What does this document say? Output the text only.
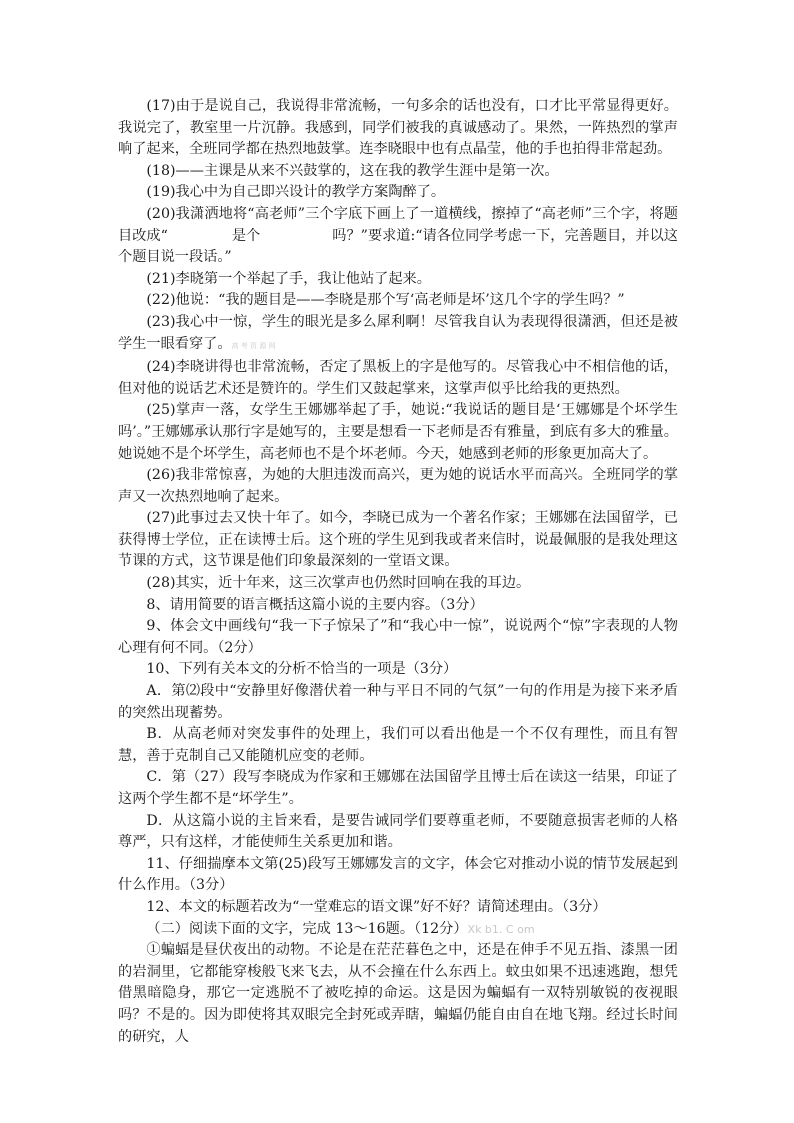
(17)由于是说自己，我说得非常流畅，一句多余的话也没有，口才比平常显得更好。我说完了，教室里一片沉静。我感到，同学们被我的真诚感动了。果然，一阵热烈的掌声响了起来，全班同学都在热烈地鼓掌。连李晓眼中也有点晶莹，他的手也拍得非常起劲。

(18)——主课是从来不兴鼓掌的，这在我的教学生涯中是第一次。

(19)我心中为自己即兴设计的教学方案陶醉了。

(20)我潇洒地将“高老师”三个字底下画上了一道横线，擦掉了“高老师”三个字，将题目改成“	是个	吗？”要求道:“请各位同学考虑一下，完善题目，并以这个题目说一段话。”

(21)李晓第一个举起了手，我让他站了起来。

(22)他说：“我的题目是——李晓是那个写‘高老师是坏’这几个字的学生吗？”

(23)我心中一惊，学生的眼光是多么犀利啊！尽管我自认为表现得很潇洒，但还是被学生一眼看穿了。高 考 资 源 网

(24)李晓讲得也非常流畅，否定了黑板上的字是他写的。尽管我心中不相信他的话，但对他的说话艺术还是赞许的。学生们又鼓起掌来，这掌声似乎比给我的更热烈。

(25)掌声一落，女学生王娜娜举起了手，她说:“我说话的题目是‘王娜娜是个坏学生吗’。”王娜娜承认那行字是她写的，主要是想看一下老师是否有雅量，到底有多大的雅量。她说她不是个坏学生，高老师也不是个坏老师。今天，她感到老师的形象更加高大了。

(26)我非常惊喜，为她的大胆违泼而高兴，更为她的说话水平而高兴。全班同学的掌声又一次热烈地响了起来。

(27)此事过去又快十年了。如今，李晓已成为一个著名作家；王娜娜在法国留学，已获得博士学位，正在读博士后。这个班的学生见到我或者来信时，说最佩服的是我处理这节课的方式，这节课是他们印象最深刻的一堂语文课。

(28)其实，近十年来，这三次掌声也仍然时回响在我的耳边。

8、请用简要的语言概括这篇小说的主要内容。（3分）

9、体会文中画线句“我一下子惊呆了”和“我心中一惊”，说说两个“惊”字表现的人物心理有何不同。（2分）

10、下列有关本文的分析不恰当的一项是（3分）

A．第⑵段中“安静里好像潜伏着一种与平日不同的气氛”一句的作用是为接下来矛盾的突然出现蓄势。

B．从高老师对突发事件的处理上，我们可以看出他是一个不仅有理性，而且有智慧，善于克制自己又能随机应变的老师。

C．第（27）段写李晓成为作家和王娜娜在法国留学且博士后在读这一结果，印证了这两个学生都不是“坏学生”。

D．从这篇小说的主旨来看，是要告诫同学们要尊重老师，不要随意损害老师的人格尊严，只有这样，才能使师生关系更加和谐。

11、仔细揣摩本文第(25)段写王娜娜发言的文字，体会它对推动小说的情节发展起到什么作用。（3分）

12、本文的标题若改为“一堂难忘的语文课”好不好？请简述理由。（3分）

（二）阅读下面的文字，完成 13～16题。（12分）Xk b1. C om

①蝙蝠是昼伏夜出的动物。不论是在茫茫暮色之中，还是在伸手不见五指、漆黑一团的岩洞里，它都能穿梭般飞来飞去，从不会撞在什么东西上。蚊虫如果不迅速逃跑，想凭借黑暗隐身，那它一定逃脱不了被吃掉的命运。这是因为蝙蝠有一双特别敏锐的夜视眼吗？不是的。因为即使将其双眼完全封死或弄瞎，蝙蝠仍能自由自在地飞翔。经过长时间的研究，人
